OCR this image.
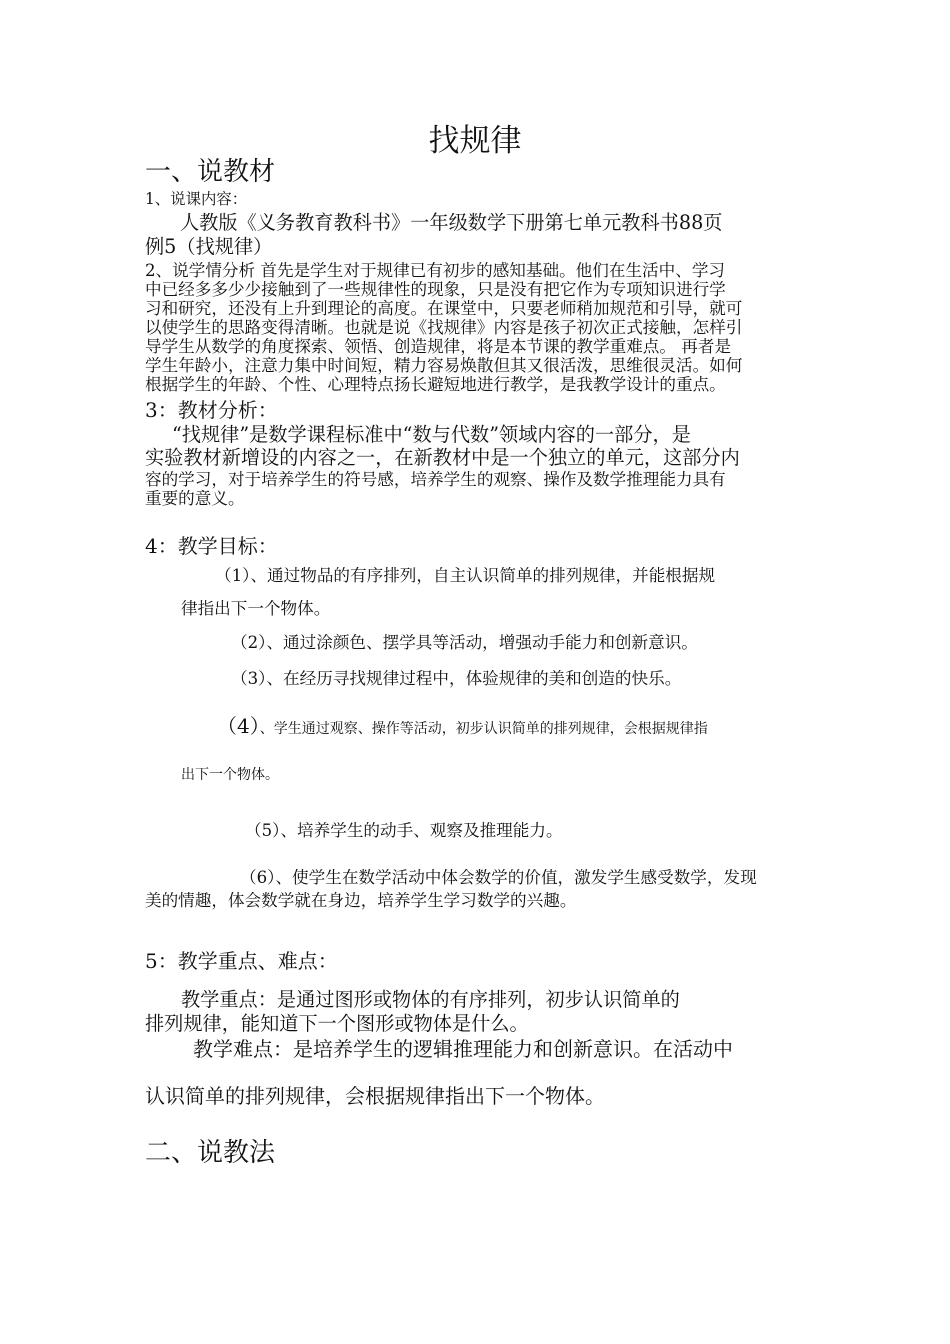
找规律
一、说教材
1、说课内容：
人教版《义务教育教科书》一年级数学下册第七单元教科书88页
例5（找规律）
2、说学情分析 首先是学生对于规律已有初步的感知基础。他们在生活中、学习
中已经多多少少接触到了一些规律性的现象，只是没有把它作为专项知识进行学
习和研究，还没有上升到理论的高度。在课堂中，只要老师稍加规范和引导，就可
以使学生的思路变得清晰。也就是说《找规律》内容是孩子初次正式接触，怎样引
导学生从数学的角度探索、领悟、创造规律，将是本节课的教学重难点。 再者是
学生年龄小，注意力集中时间短，精力容易焕散但其又很活泼，思维很灵活。如何
根据学生的年龄、个性、心理特点扬长避短地进行教学，是我教学设计的重点。
3：教材分析：
“找规律”是数学课程标准中“数与代数”领域内容的一部分，是
实验教材新增设的内容之一，在新教材中是一个独立的单元，这部分内
容的学习，对于培养学生的符号感，培养学生的观察、操作及数学推理能力具有
重要的意义。
4：教学目标：
（1）、通过物品的有序排列，自主认识简单的排列规律，并能根据规
律指出下一个物体。
（2）、通过涂颜色、摆学具等活动，增强动手能力和创新意识。
（3）、在经历寻找规律过程中，体验规律的美和创造的快乐。
（4）、学生通过观察、操作等活动，初步认识简单的排列规律，会根据规律指
出下一个物体。
（5）、培养学生的动手、观察及推理能力。
（6）、使学生在数学活动中体会数学的价值，激发学生感受数学，发现
美的情趣，体会数学就在身边，培养学生学习数学的兴趣。
5：教学重点、难点：
教学重点：是通过图形或物体的有序排列，初步认识简单的
排列规律，能知道下一个图形或物体是什么。
教学难点：是培养学生的逻辑推理能力和创新意识。在活动中
认识简单的排列规律，会根据规律指出下一个物体。
二、说教法
